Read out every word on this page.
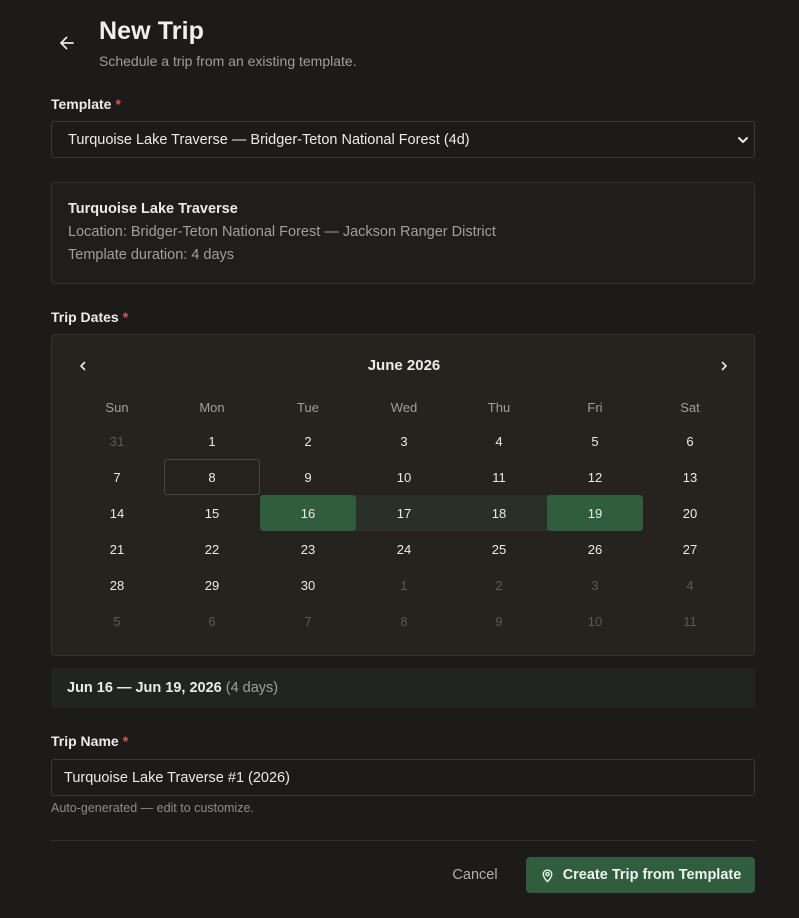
New Trip
Schedule a trip from an existing template.
Template *
Turquoise Lake Traverse — Bridger-Teton National Forest (4d)
Turquoise Lake Traverse
Location: Bridger-Teton National Forest — Jackson Ranger District
Template duration: 4 days
Trip Dates *
June 2026
Sun	Mon	Tue	Wed	Thu	Fri	Sat
31	1	2	3	4	5	6
7	8	9	10	11	12	13
14	15	16	17	18	19	20
21	22	23	24	25	26	27
28	29	30	1	2	3	4
5	6	7	8	9	10	11
Jun 16 — Jun 19, 2026 (4 days)
Trip Name *
Turquoise Lake Traverse #1 (2026)
Auto-generated — edit to customize.
Cancel	Create Trip from Template
